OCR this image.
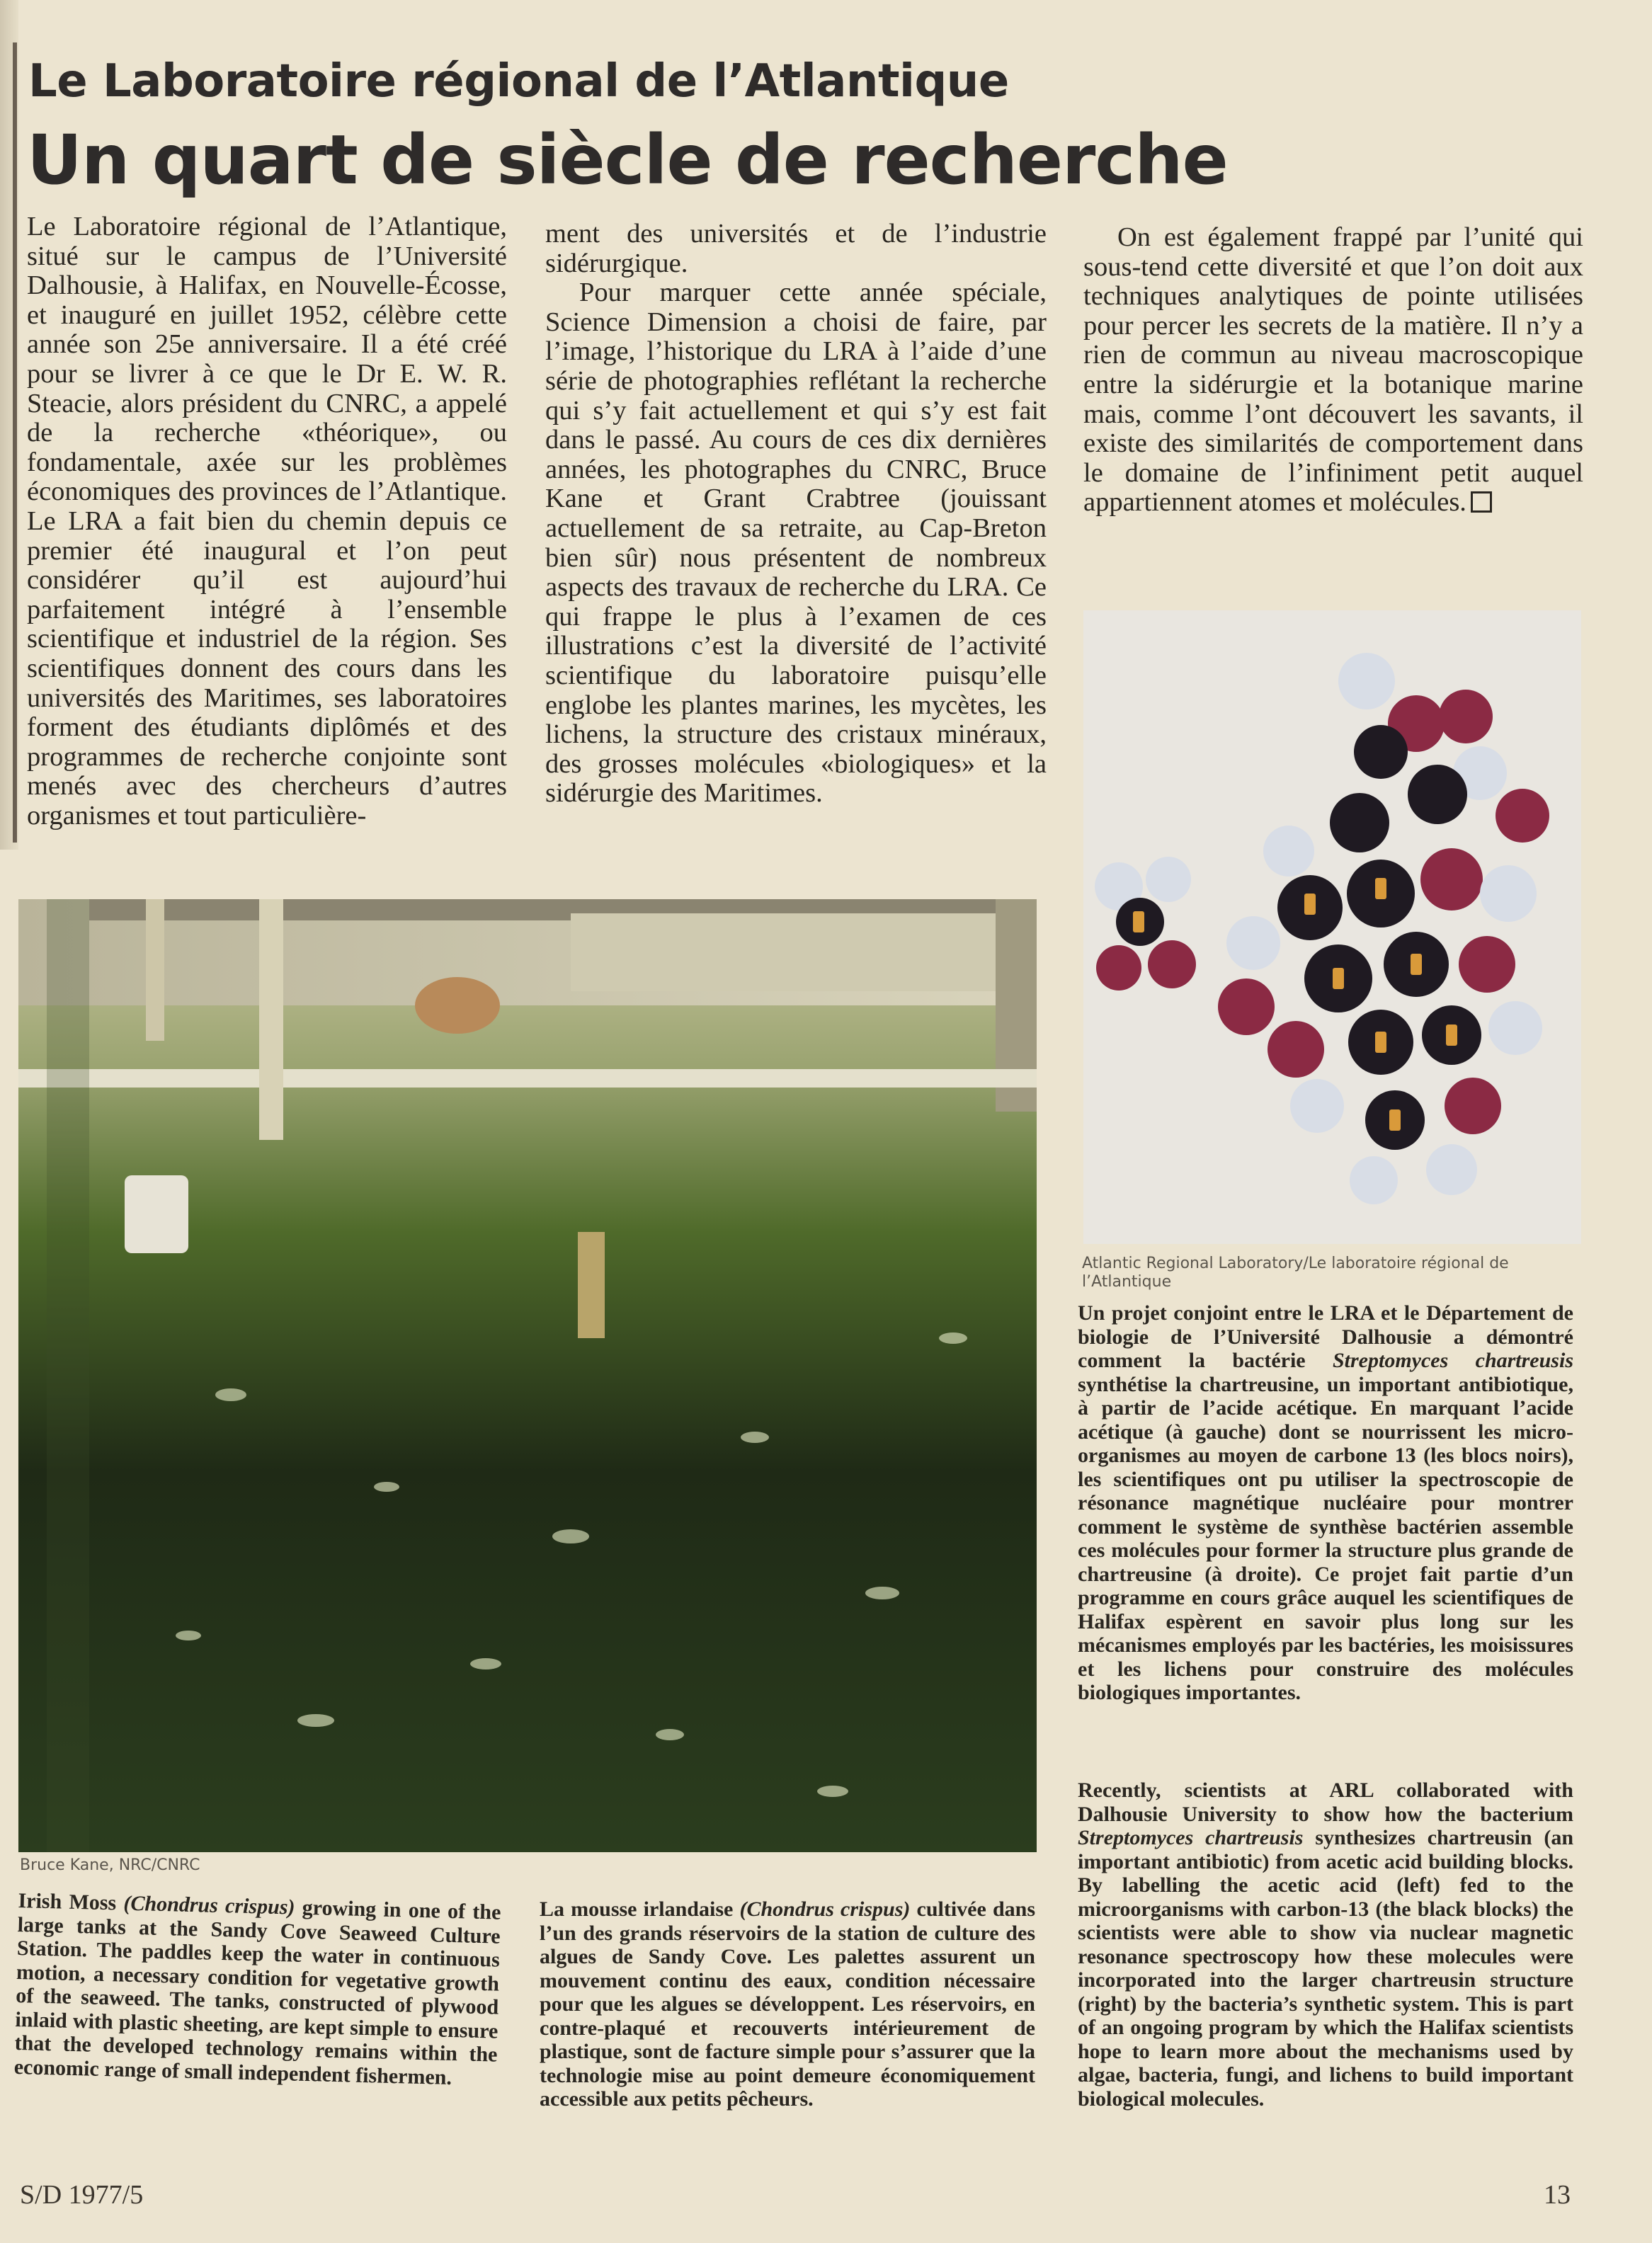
Le Laboratoire régional de l’Atlantique
Un quart de siècle de recherche

Le Laboratoire régional de l’Atlantique, situé sur le campus de l’Université Dalhousie, à Halifax, en Nouvelle-Écosse, et inauguré en juillet 1952, célèbre cette année son 25e anniversaire. Il a été créé pour se livrer à ce que le Dr E. W. R. Steacie, alors président du CNRC, a appelé de la recherche «théorique», ou fondamentale, axée sur les problèmes économiques des provinces de l’Atlantique. Le LRA a fait bien du chemin depuis ce premier été inaugural et l’on peut considérer qu’il est aujourd’hui parfaitement intégré à l’ensemble scientifique et industriel de la région. Ses scientifiques donnent des cours dans les universités des Maritimes, ses laboratoires forment des étudiants diplômés et des programmes de recherche conjointe sont menés avec des chercheurs d’autres organismes et tout particulière-

ment des universités et de l’industrie sidérurgique.

Pour marquer cette année spéciale, Science Dimension a choisi de faire, par l’image, l’historique du LRA à l’aide d’une série de photographies reflétant la recherche qui s’y fait actuellement et qui s’y est fait dans le passé. Au cours de ces dix dernières années, les photographes du CNRC, Bruce Kane et Grant Crabtree (jouissant actuellement de sa retraite, au Cap-Breton bien sûr) nous présentent de nombreux aspects des travaux de recherche du LRA. Ce qui frappe le plus à l’examen de ces illustrations c’est la diversité de l’activité scientifique du laboratoire puisqu’elle englobe les plantes marines, les mycètes, les lichens, la structure des cristaux minéraux, des grosses molécules «biologiques» et la sidérurgie des Maritimes.

On est également frappé par l’unité qui sous-tend cette diversité et que l’on doit aux techniques analytiques de pointe utilisées pour percer les secrets de la matière. Il n’y a rien de commun au niveau macroscopique entre la sidérurgie et la botanique marine mais, comme l’ont découvert les savants, il existe des similarités de comportement dans le domaine de l’infiniment petit auquel appartiennent atomes et molécules.

Bruce Kane, NRC/CNRC

Atlantic Regional Laboratory/Le laboratoire régional de l’Atlantique

Un projet conjoint entre le LRA et le Département de biologie de l’Université Dalhousie a démontré comment la bactérie Streptomyces chartreusis synthétise la chartreusine, un important antibiotique, à partir de l’acide acétique. En marquant l’acide acétique (à gauche) dont se nourrissent les micro-organismes au moyen de carbone 13 (les blocs noirs), les scientifiques ont pu utiliser la spectroscopie de résonance magnétique nucléaire pour montrer comment le système de synthèse bactérien assemble ces molécules pour former la structure plus grande de chartreusine (à droite). Ce projet fait partie d’un programme en cours grâce auquel les scientifiques de Halifax espèrent en savoir plus long sur les mécanismes employés par les bactéries, les moisissures et les lichens pour construire des molécules biologiques importantes.

Recently, scientists at ARL collaborated with Dalhousie University to show how the bacterium Streptomyces chartreusis synthesizes chartreusin (an important antibiotic) from acetic acid building blocks. By labelling the acetic acid (left) fed to the microorganisms with carbon-13 (the black blocks) the scientists were able to show via nuclear magnetic resonance spectroscopy how these molecules were incorporated into the larger chartreusin structure (right) by the bacteria’s synthetic system. This is part of an ongoing program by which the Halifax scientists hope to learn more about the mechanisms used by algae, bacteria, fungi, and lichens to build important biological molecules.

Irish Moss (Chondrus crispus) growing in one of the large tanks at the Sandy Cove Seaweed Culture Station. The paddles keep the water in continuous motion, a necessary condition for vegetative growth of the seaweed. The tanks, constructed of plywood inlaid with plastic sheeting, are kept simple to ensure that the developed technology remains within the economic range of small independent fishermen.

La mousse irlandaise (Chondrus crispus) cultivée dans l’un des grands réservoirs de la station de culture des algues de Sandy Cove. Les palettes assurent un mouvement continu des eaux, condition nécessaire pour que les algues se développent. Les réservoirs, en contre-plaqué et recouverts intérieurement de plastique, sont de facture simple pour s’assurer que la technologie mise au point demeure économiquement accessible aux petits pêcheurs.

S/D 1977/5	13
